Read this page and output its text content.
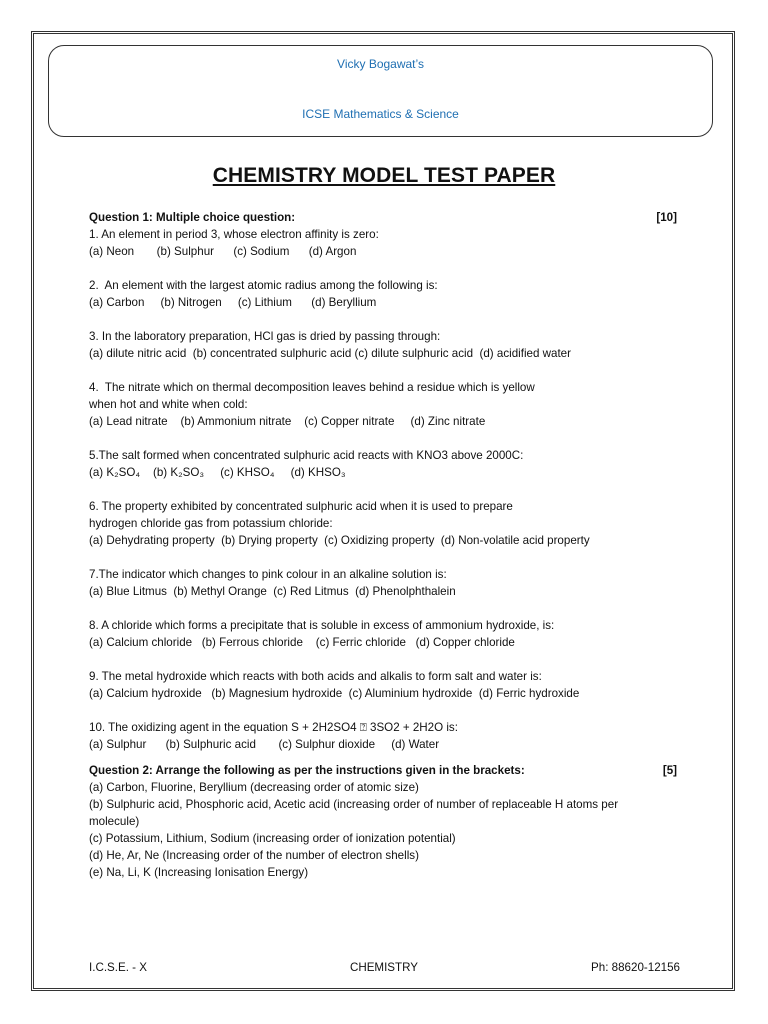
Vicky Bogawat’s
ICSE Mathematics & Science
CHEMISTRY MODEL TEST PAPER
Question 1: Multiple choice question:	[10]
1. An element in period 3, whose electron affinity is zero:
(a) Neon       (b) Sulphur      (c) Sodium      (d) Argon
2.  An element with the largest atomic radius among the following is:
(a) Carbon     (b) Nitrogen     (c) Lithium      (d) Beryllium
3. In the laboratory preparation, HCl gas is dried by passing through:
(a) dilute nitric acid  (b) concentrated sulphuric acid (c) dilute sulphuric acid  (d) acidified water
4.  The nitrate which on thermal decomposition leaves behind a residue which is yellow
when hot and white when cold:
(a) Lead nitrate    (b) Ammonium nitrate    (c) Copper nitrate     (d) Zinc nitrate
5.The salt formed when concentrated sulphuric acid reacts with KNO3 above 2000C:
(a) K₂SO₄    (b) K₂SO₃     (c) KHSO₄     (d) KHSO₃
6. The property exhibited by concentrated sulphuric acid when it is used to prepare
hydrogen chloride gas from potassium chloride:
(a) Dehydrating property  (b) Drying property  (c) Oxidizing property  (d) Non-volatile acid property
7.The indicator which changes to pink colour in an alkaline solution is:
(a) Blue Litmus  (b) Methyl Orange  (c) Red Litmus  (d) Phenolphthalein
8. A chloride which forms a precipitate that is soluble in excess of ammonium hydroxide, is:
(a) Calcium chloride   (b) Ferrous chloride    (c) Ferric chloride   (d) Copper chloride
9. The metal hydroxide which reacts with both acids and alkalis to form salt and water is:
(a) Calcium hydroxide   (b) Magnesium hydroxide  (c) Aluminium hydroxide  (d) Ferric hydroxide
10. The oxidizing agent in the equation S + 2H2SO4 ⍰ 3SO2 + 2H2O is:
(a) Sulphur      (b) Sulphuric acid       (c) Sulphur dioxide     (d) Water
Question 2: Arrange the following as per the instructions given in the brackets:	[5]
(a) Carbon, Fluorine, Beryllium (decreasing order of atomic size)
(b) Sulphuric acid, Phosphoric acid, Acetic acid (increasing order of number of replaceable H atoms per
molecule)
(c) Potassium, Lithium, Sodium (increasing order of ionization potential)
(d) He, Ar, Ne (Increasing order of the number of electron shells)
(e) Na, Li, K (Increasing Ionisation Energy)
I.C.S.E. - X	CHEMISTRY	Ph: 88620-12156
